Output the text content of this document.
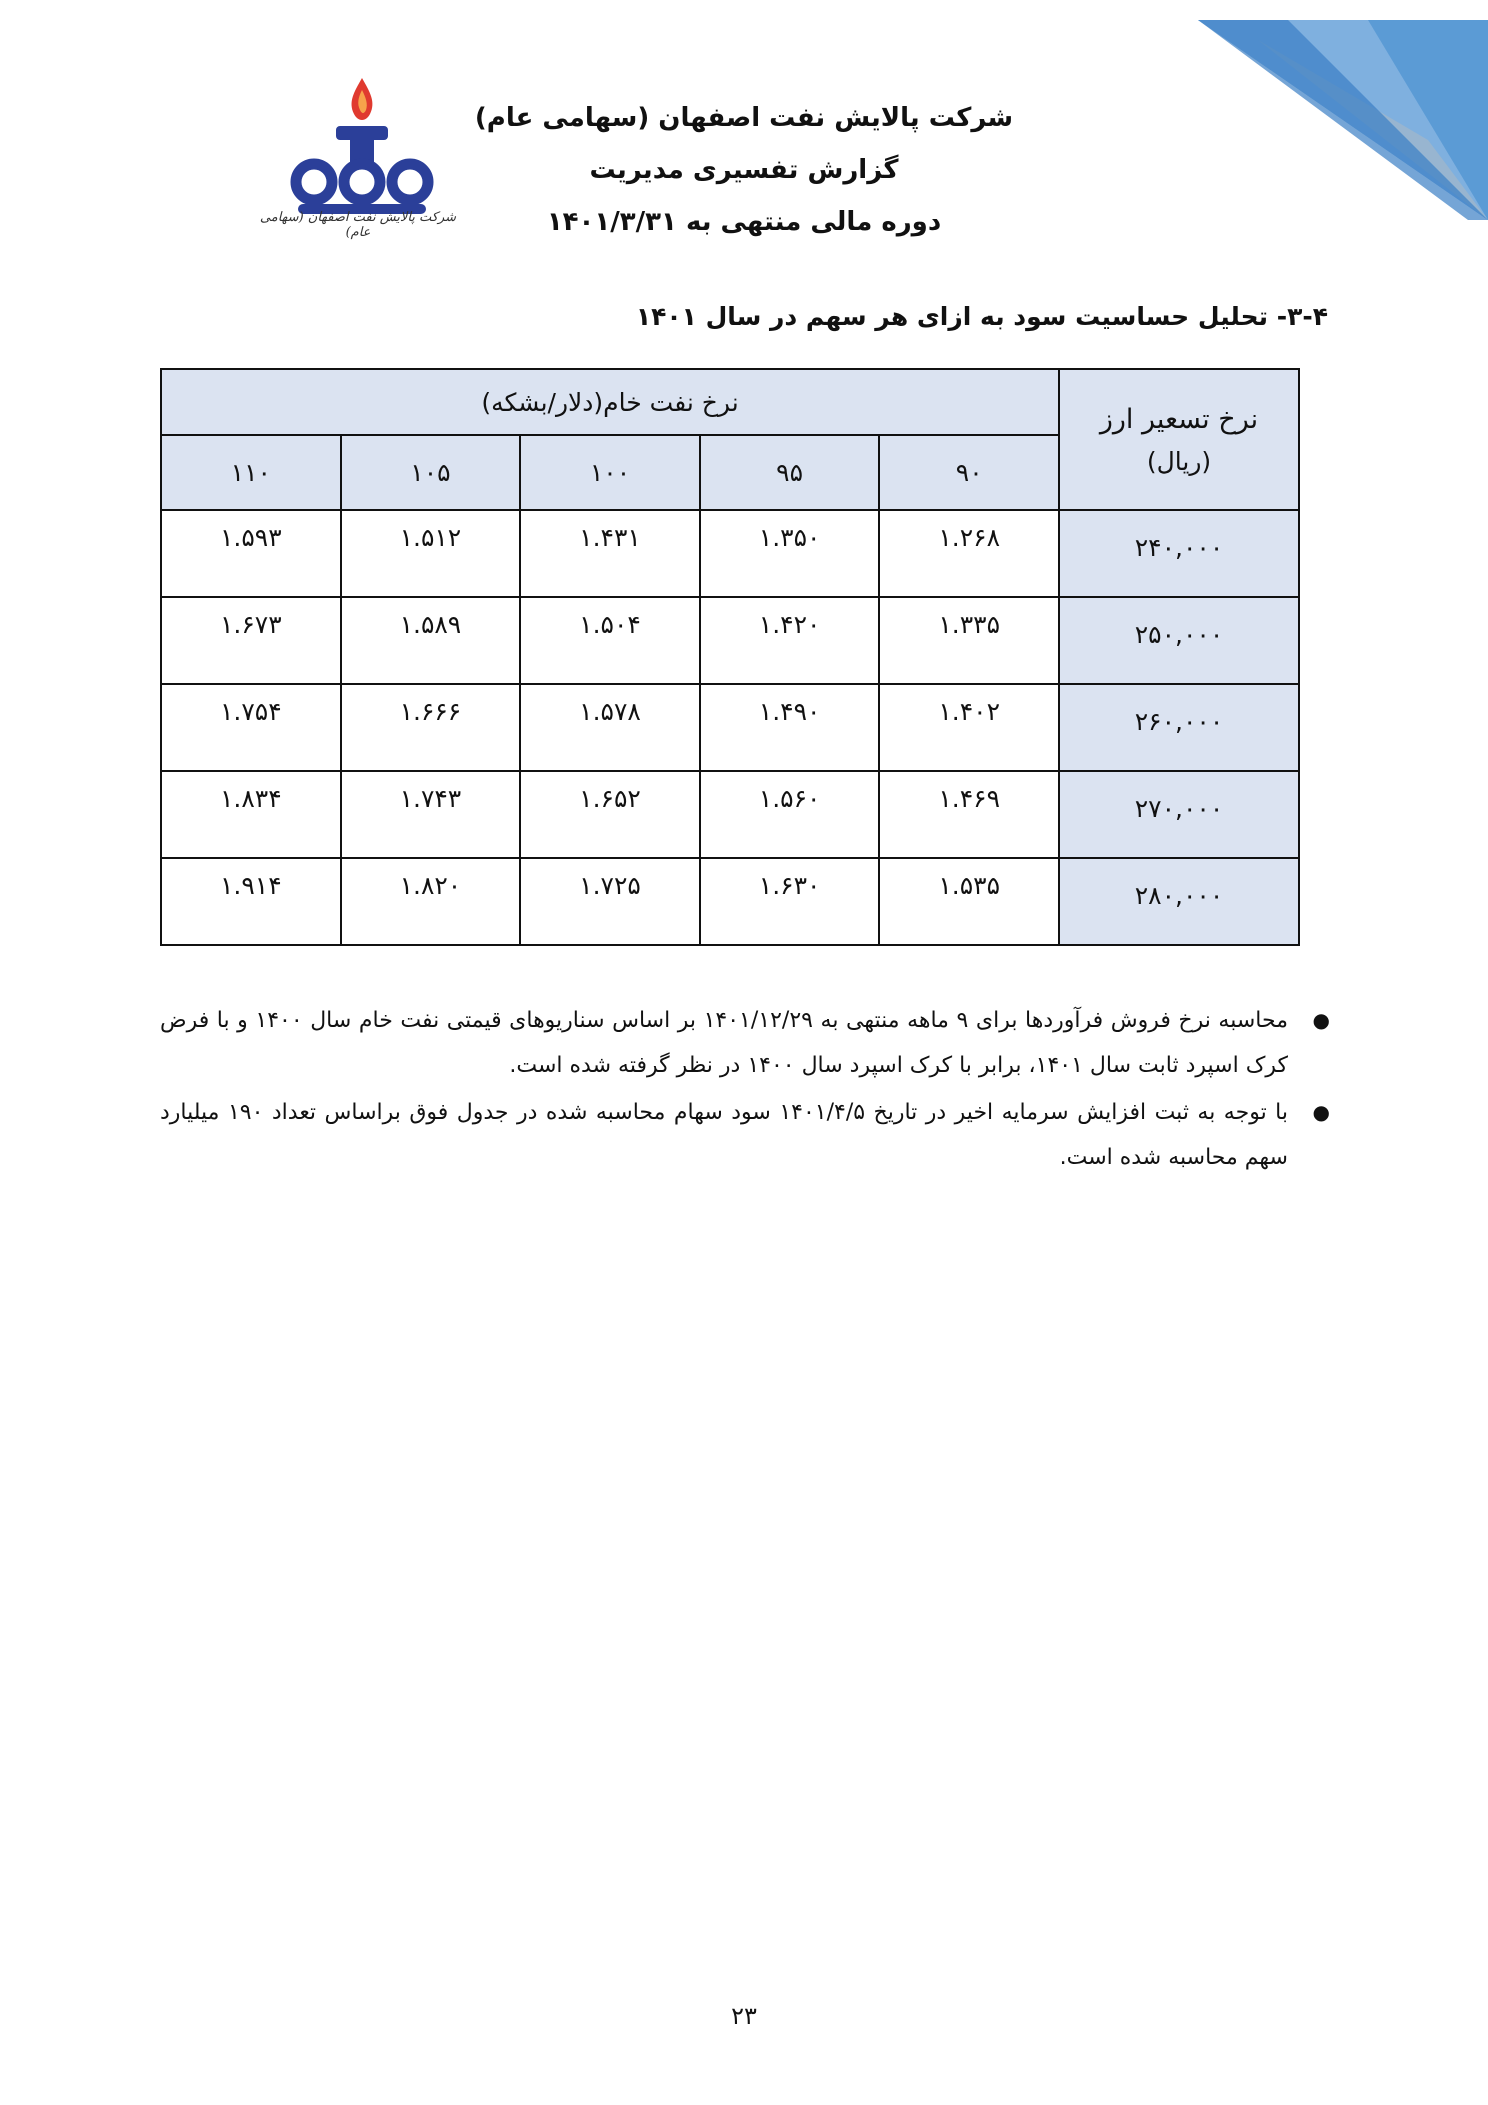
شرکت پالایش نفت اصفهان (سهامی عام)
شرکت پالایش نفت اصفهان (سهامی عام)
گزارش تفسیری مدیریت
دوره مالی منتهی به ۱۴۰۱/۳/۳۱
۳-۴- تحلیل حساسیت سود به ازای هر سهم در سال ۱۴۰۱
نرخ تسعیر ارز
(ریال)	نرخ نفت خام(دلار/بشکه)				
	۹۰	۹۵	۱۰۰	۱۰۵	۱۱۰
۲۴۰,۰۰۰	۱.۲۶۸	۱.۳۵۰	۱.۴۳۱	۱.۵۱۲	۱.۵۹۳
۲۵۰,۰۰۰	۱.۳۳۵	۱.۴۲۰	۱.۵۰۴	۱.۵۸۹	۱.۶۷۳
۲۶۰,۰۰۰	۱.۴۰۲	۱.۴۹۰	۱.۵۷۸	۱.۶۶۶	۱.۷۵۴
۲۷۰,۰۰۰	۱.۴۶۹	۱.۵۶۰	۱.۶۵۲	۱.۷۴۳	۱.۸۳۴
۲۸۰,۰۰۰	۱.۵۳۵	۱.۶۳۰	۱.۷۲۵	۱.۸۲۰	۱.۹۱۴
●
محاسبه نرخ فروش فرآوردها برای ۹ ماهه منتهی به ۱۴۰۱/۱۲/۲۹ بر اساس سناریوهای قیمتی نفت خام سال ۱۴۰۰ و با فرض کرک اسپرد ثابت سال ۱۴۰۱، برابر با کرک اسپرد سال ۱۴۰۰ در نظر گرفته شده است.
●
با توجه به ثبت افزایش سرمایه اخیر در تاریخ ۱۴۰۱/۴/۵ سود سهام محاسبه شده در جدول فوق براساس تعداد ۱۹۰ میلیارد سهم محاسبه شده است.
۲۳
